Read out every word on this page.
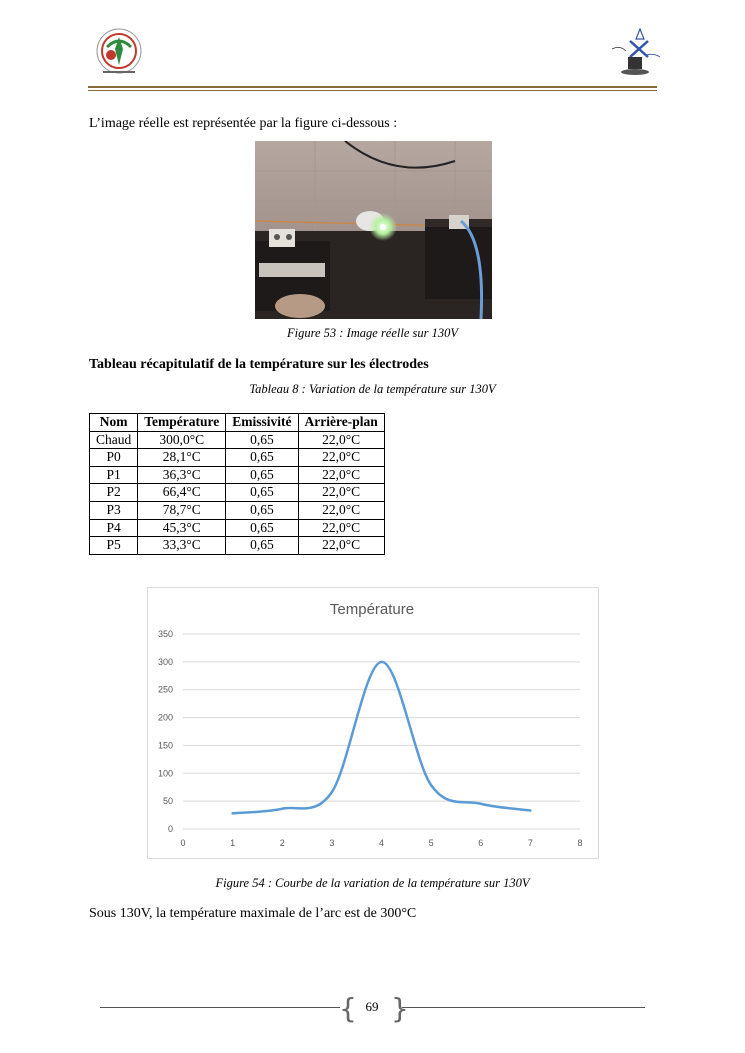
L’image réelle est représentée par la figure ci-dessous :
Figure 53 : Image réelle sur 130V
Tableau récapitulatif de la température sur les électrodes
Tableau 8 : Variation de la température sur 130V
Nom	Température	Emissivité	Arrière-plan
Chaud	300,0°C	0,65	22,0°C
P0	28,1°C	0,65	22,0°C
P1	36,3°C	0,65	22,0°C
P2	66,4°C	0,65	22,0°C
P3	78,7°C	0,65	22,0°C
P4	45,3°C	0,65	22,0°C
P5	33,3°C	0,65	22,0°C
0
50
100
150
200
250
300
350
0	1	2	3	4	5	6	7	8
Température
Figure 54 : Courbe de la variation de la température sur 130V
Sous 130V, la température maximale de l’arc est de 300°C
{ }
69
